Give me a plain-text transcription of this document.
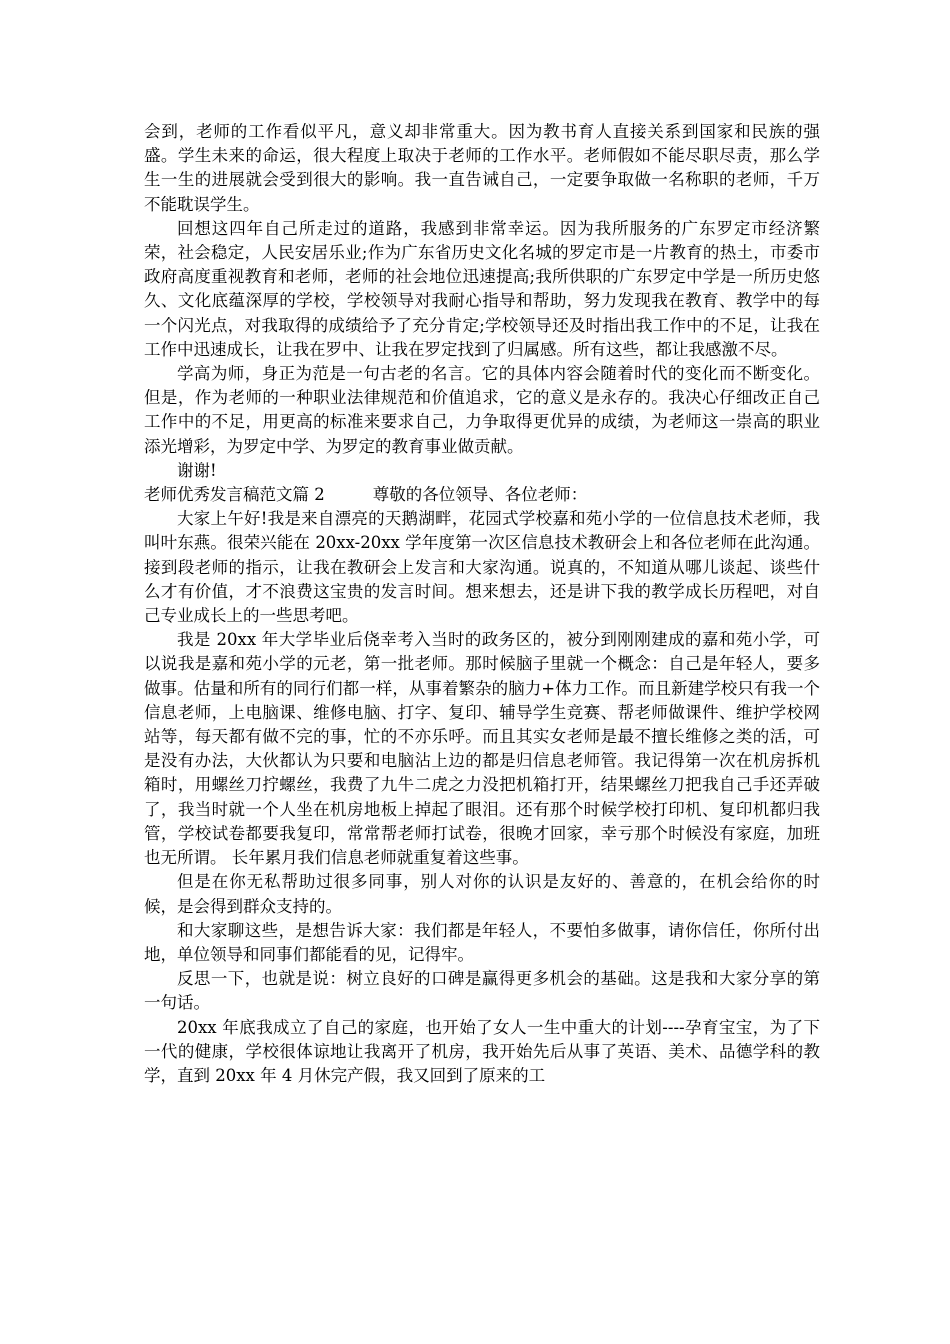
会到，老师的工作看似平凡，意义却非常重大。因为教书育人直接关系到国家和民族的强盛。学生未来的命运，很大程度上取决于老师的工作水平。老师假如不能尽职尽责，那么学生一生的进展就会受到很大的影响。我一直告诫自己，一定要争取做一名称职的老师，千万不能耽误学生。

回想这四年自己所走过的道路，我感到非常幸运。因为我所服务的广东罗定市经济繁荣，社会稳定，人民安居乐业;作为广东省历史文化名城的罗定市是一片教育的热土，市委市政府高度重视教育和老师，老师的社会地位迅速提高;我所供职的广东罗定中学是一所历史悠久、文化底蕴深厚的学校，学校领导对我耐心指导和帮助，努力发现我在教育、教学中的每一个闪光点，对我取得的成绩给予了充分肯定;学校领导还及时指出我工作中的不足，让我在工作中迅速成长，让我在罗中、让我在罗定找到了归属感。所有这些，都让我感激不尽。

学高为师，身正为范是一句古老的名言。它的具体内容会随着时代的变化而不断变化。但是，作为老师的一种职业法律规范和价值追求，它的意义是永存的。我决心仔细改正自己工作中的不足，用更高的标准来要求自己，力争取得更优异的成绩，为老师这一崇高的职业添光增彩，为罗定中学、为罗定的教育事业做贡献。

谢谢!

老师优秀发言稿范文篇 2	尊敬的各位领导、各位老师：

大家上午好!我是来自漂亮的天鹅湖畔，花园式学校嘉和苑小学的一位信息技术老师，我叫叶东燕。很荣兴能在 20xx-20xx 学年度第一次区信息技术教研会上和各位老师在此沟通。接到段老师的指示，让我在教研会上发言和大家沟通。说真的，不知道从哪儿谈起、谈些什么才有价值，才不浪费这宝贵的发言时间。想来想去，还是讲下我的教学成长历程吧，对自己专业成长上的一些思考吧。

我是 20xx 年大学毕业后侥幸考入当时的政务区的，被分到刚刚建成的嘉和苑小学，可以说我是嘉和苑小学的元老，第一批老师。那时候脑子里就一个概念：自己是年轻人，要多做事。估量和所有的同行们都一样，从事着繁杂的脑力+体力工作。而且新建学校只有我一个信息老师，上电脑课、维修电脑、打字、复印、辅导学生竞赛、帮老师做课件、维护学校网站等，每天都有做不完的事，忙的不亦乐呼。而且其实女老师是最不擅长维修之类的活，可是没有办法，大伙都认为只要和电脑沾上边的都是归信息老师管。我记得第一次在机房拆机箱时，用螺丝刀拧螺丝，我费了九牛二虎之力没把机箱打开，结果螺丝刀把我自己手还弄破了，我当时就一个人坐在机房地板上掉起了眼泪。还有那个时候学校打印机、复印机都归我管，学校试卷都要我复印，常常帮老师打试卷，很晚才回家，幸亏那个时候没有家庭，加班也无所谓。 长年累月我们信息老师就重复着这些事。

但是在你无私帮助过很多同事，别人对你的认识是友好的、善意的，在机会给你的时候，是会得到群众支持的。

和大家聊这些，是想告诉大家：我们都是年轻人，不要怕多做事，请你信任，你所付出地，单位领导和同事们都能看的见，记得牢。

反思一下，也就是说：树立良好的口碑是赢得更多机会的基础。这是我和大家分享的第一句话。

20xx 年底我成立了自己的家庭，也开始了女人一生中重大的计划----孕育宝宝，为了下一代的健康，学校很体谅地让我离开了机房，我开始先后从事了英语、美术、品德学科的教学，直到 20xx 年 4 月休完产假，我又回到了原来的工
